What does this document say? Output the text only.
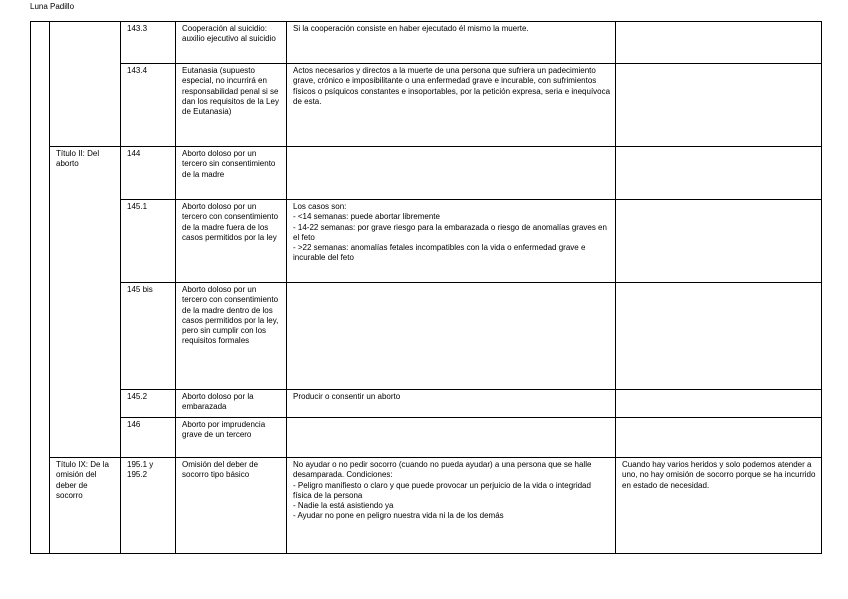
Luna Padillo
		143.3	Cooperación al suicidio: auxilio ejecutivo al suicidio	Si la cooperación consiste en haber ejecutado él mismo la muerte.	

		143.4	Eutanasia (supuesto especial, no incurrirá en responsabilidad penal si se dan los requisitos de la Ley de Eutanasia)	Actos necesarios y directos a la muerte de una persona que sufriera un padecimiento grave, crónico e imposibilitante o una enfermedad grave e incurable, con sufrimientos físicos o psíquicos constantes e insoportables, por la petición expresa, seria e inequívoca de esta.	

	Título II: Del aborto	144	Aborto doloso por un tercero sin consentimiento de la madre		
		145.1	Aborto doloso por un tercero con consentimiento de la madre fuera de los casos permitidos por la ley	Los casos son:
- <14 semanas: puede abortar libremente
- 14-22 semanas: por grave riesgo para la embarazada o riesgo de anomalías graves en el feto
- >22 semanas: anomalías fetales incompatibles con la vida o enfermedad grave e incurable del feto	

		145 bis	Aborto doloso por un tercero con consentimiento de la madre dentro de los casos permitidos por la ley, pero sin cumplir con los requisitos formales		
		145.2	Aborto doloso por la embarazada	Producir o consentir un aborto	

		146	Aborto por imprudencia grave de un tercero		
	Título IX: De la omisión del deber de socorro	195.1 y 195.2	Omisión del deber de socorro tipo básico	No ayudar o no pedir socorro (cuando no pueda ayudar) a una persona que se halle desamparada. Condiciones:
- Peligro manifiesto o claro y que puede provocar un perjuicio de la vida o integridad física de la persona
- Nadie la está asistiendo ya
- Ayudar no pone en peligro nuestra vida ni la de los demás	Cuando hay varios heridos y solo podemos atender a uno, no hay omisión de socorro porque se ha incurrido en estado de necesidad.
